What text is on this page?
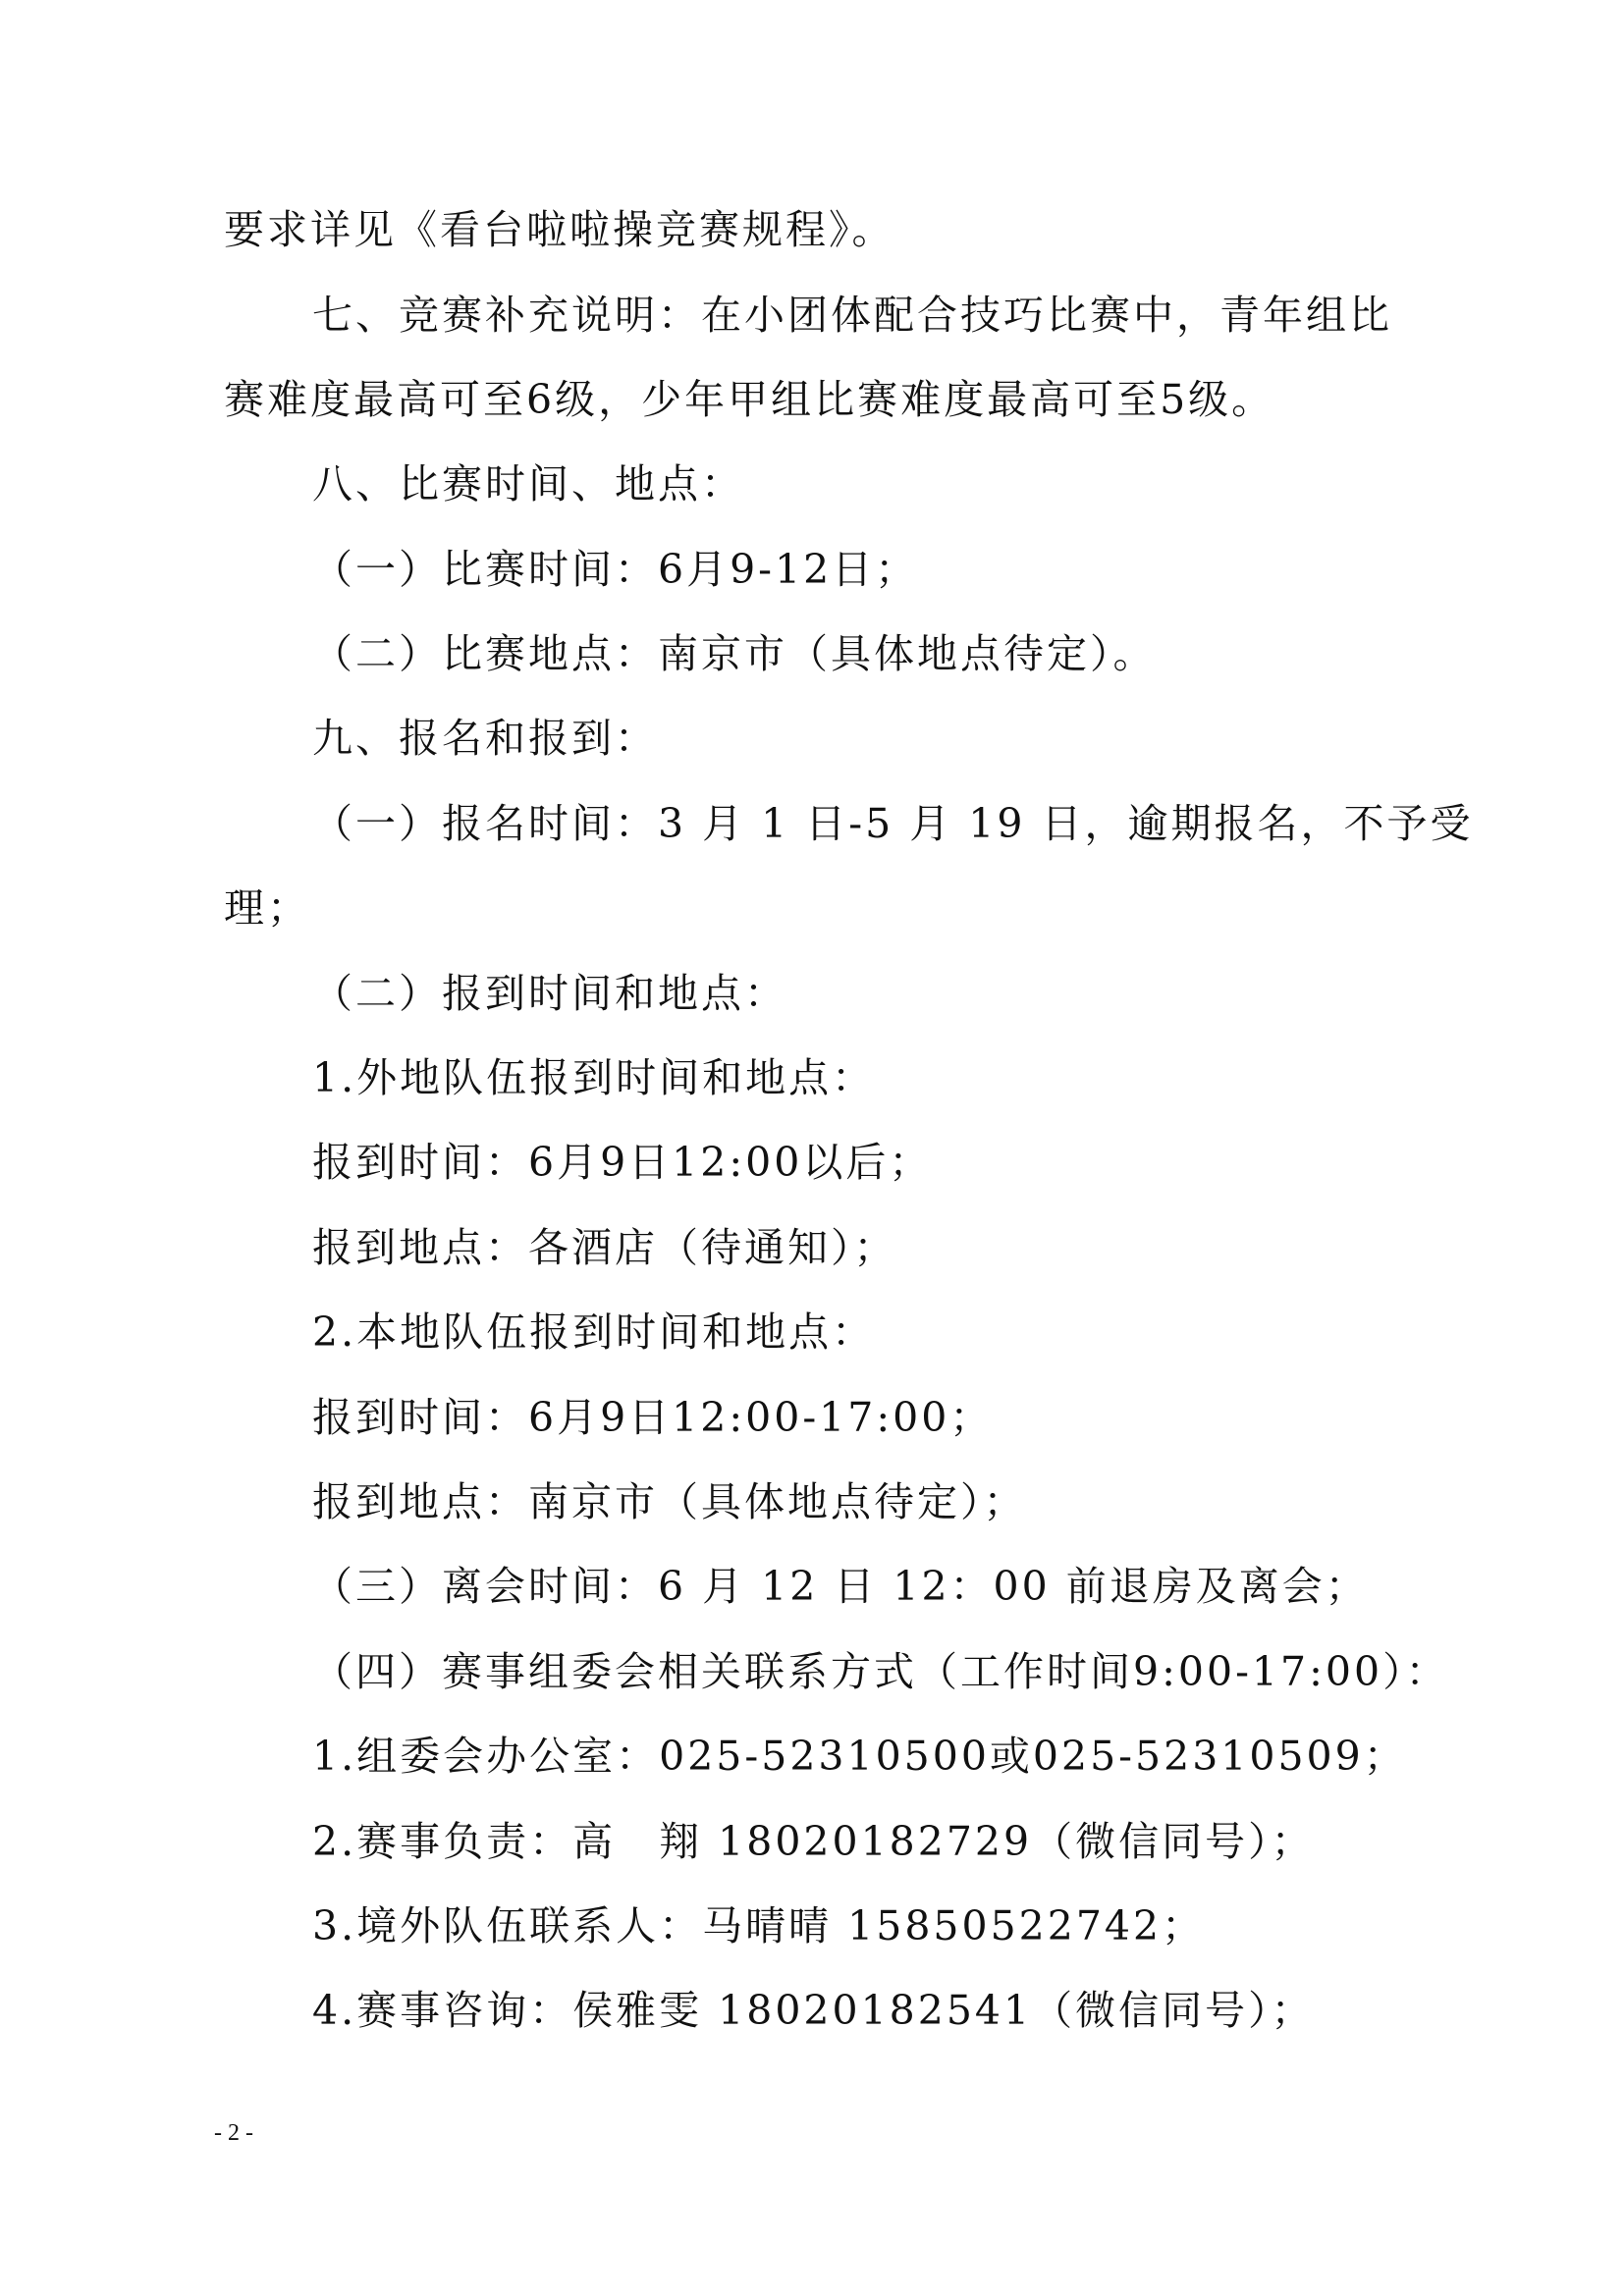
要求详见《看台啦啦操竞赛规程》。
七、竞赛补充说明：在小团体配合技巧比赛中，青年组比
赛难度最高可至6级，少年甲组比赛难度最高可至5级。
八、比赛时间、地点：
（一）比赛时间：6月9-12日；
（二）比赛地点：南京市（具体地点待定）。
九、报名和报到：
（一）报名时间：3 月 1 日-5 月 19 日，逾期报名，不予受
理；
（二）报到时间和地点：
1.外地队伍报到时间和地点：
报到时间：6月9日12:00以后；
报到地点：各酒店（待通知）；
2.本地队伍报到时间和地点：
报到时间：6月9日12:00-17:00；
报到地点：南京市（具体地点待定）；
（三）离会时间：6 月 12 日 12：00 前退房及离会；
（四）赛事组委会相关联系方式（工作时间9:00-17:00）：
1.组委会办公室：025-52310500或025-52310509；
2.赛事负责：高　翔 18020182729（微信同号）；
3.境外队伍联系人：马晴晴 15850522742；
4.赛事咨询：侯雅雯 18020182541（微信同号）；
- 2 -
